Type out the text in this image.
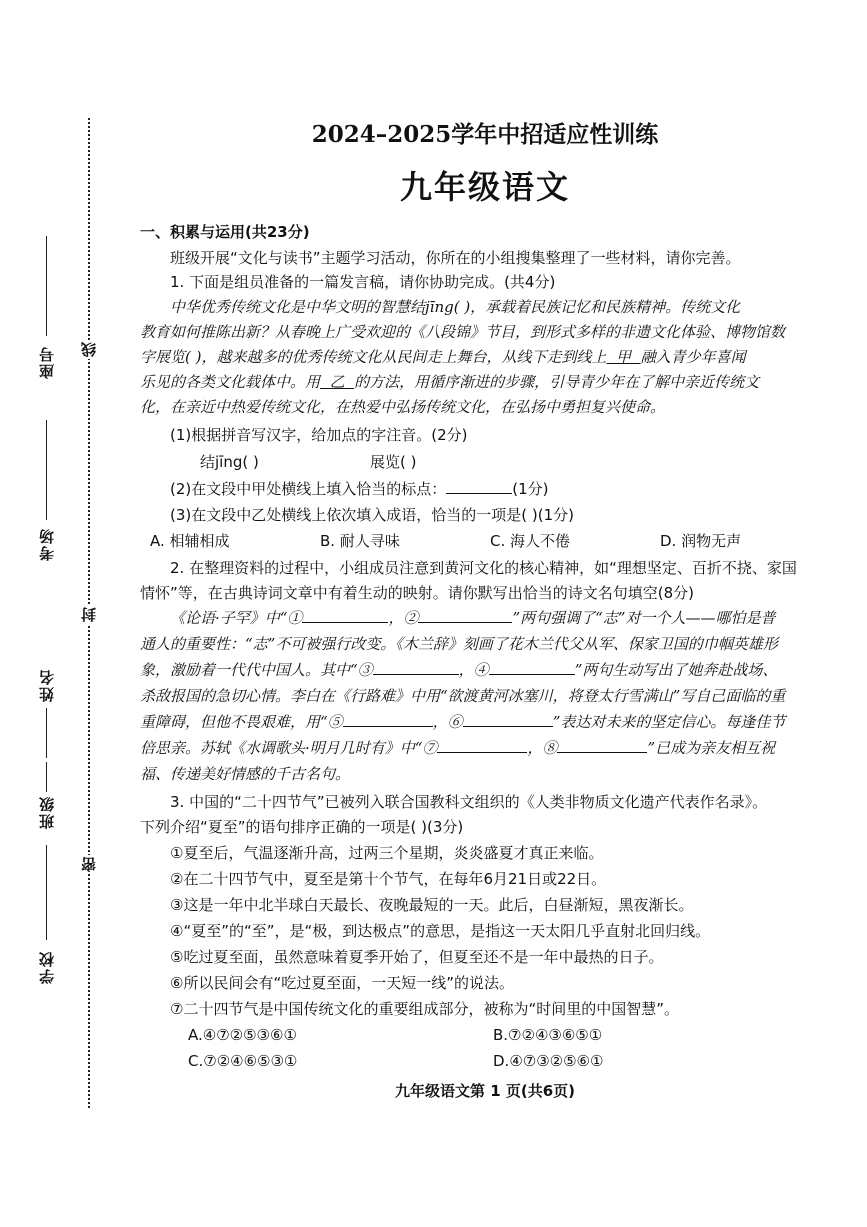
座号
考场
姓名
班级
学校
线
封
密
2024–2025学年中招适应性训练
九年级语文
一、积累与运用(共23分)
班级开展“文化与读书”主题学习活动，你所在的小组搜集整理了一些材料，请你完善。
1. 下面是组员准备的一篇发言稿，请你协助完成。(共4分)
中华优秀传统文化是中华文明的智慧结jīng( )，承载着民族记忆和民族精神。传统文化
教育如何推陈出新？从春晚上广受欢迎的《八段锦》节目，到形式多样的非遗文化体验、博物馆数
字展览( )，越来越多的优秀传统文化从民间走上舞台，从线下走到线上 甲 融入青少年喜闻
乐见的各类文化载体中。用 乙 的方法，用循序渐进的步骤，引导青少年在了解中亲近传统文
化，在亲近中热爱传统文化，在热爱中弘扬传统文化，在弘扬中勇担复兴使命。
(1)根据拼音写汉字，给加点的字注音。(2分)
结jīng( )	展览( )
(2)在文段中甲处横线上填入恰当的标点：	(1分)
(3)在文段中乙处横线上依次填入成语，恰当的一项是( )(1分)
A. 相辅相成	B. 耐人寻味	C. 海人不倦	D. 润物无声
2. 在整理资料的过程中，小组成员注意到黄河文化的核心精神，如“理想坚定、百折不挠、家国
情怀”等，在古典诗词文章中有着生动的映射。请你默写出恰当的诗文名句填空(8分)
《论语·子罕》中“①	，②	”两句强调了“志”对一个人——哪怕是普
通人的重要性：“志”不可被强行改变。《木兰辞》刻画了花木兰代父从军、保家卫国的巾帼英雄形
象，激励着一代代中国人。其中“③	，④	”两句生动写出了她奔赴战场、
杀敌报国的急切心情。李白在《行路难》中用“欲渡黄河冰塞川，将登太行雪满山”写自己面临的重
重障碍，但他不畏艰难，用“⑤	，⑥	”表达对未来的坚定信心。每逢佳节
倍思亲。苏轼《水调歌头·明月几时有》中“⑦	，⑧	”已成为亲友相互祝
福、传递美好情感的千古名句。
3. 中国的“二十四节气”已被列入联合国教科文组织的《人类非物质文化遗产代表作名录》。
下列介绍“夏至”的语句排序正确的一项是( )(3分)
①夏至后，气温逐渐升高，过两三个星期，炎炎盛夏才真正来临。
②在二十四节气中，夏至是第十个节气，在每年6月21日或22日。
③这是一年中北半球白天最长、夜晚最短的一天。此后，白昼渐短，黑夜渐长。
④“夏至”的“至”，是“极，到达极点”的意思，是指这一天太阳几乎直射北回归线。
⑤吃过夏至面，虽然意味着夏季开始了，但夏至还不是一年中最热的日子。
⑥所以民间会有“吃过夏至面，一天短一线”的说法。
⑦二十四节气是中国传统文化的重要组成部分，被称为“时间里的中国智慧”。
A.④⑦②⑤③⑥①	B.⑦②④③⑥⑤①
C.⑦②④⑥⑤③①	D.④⑦③②⑤⑥①
九年级语文第 1 页(共6页)
